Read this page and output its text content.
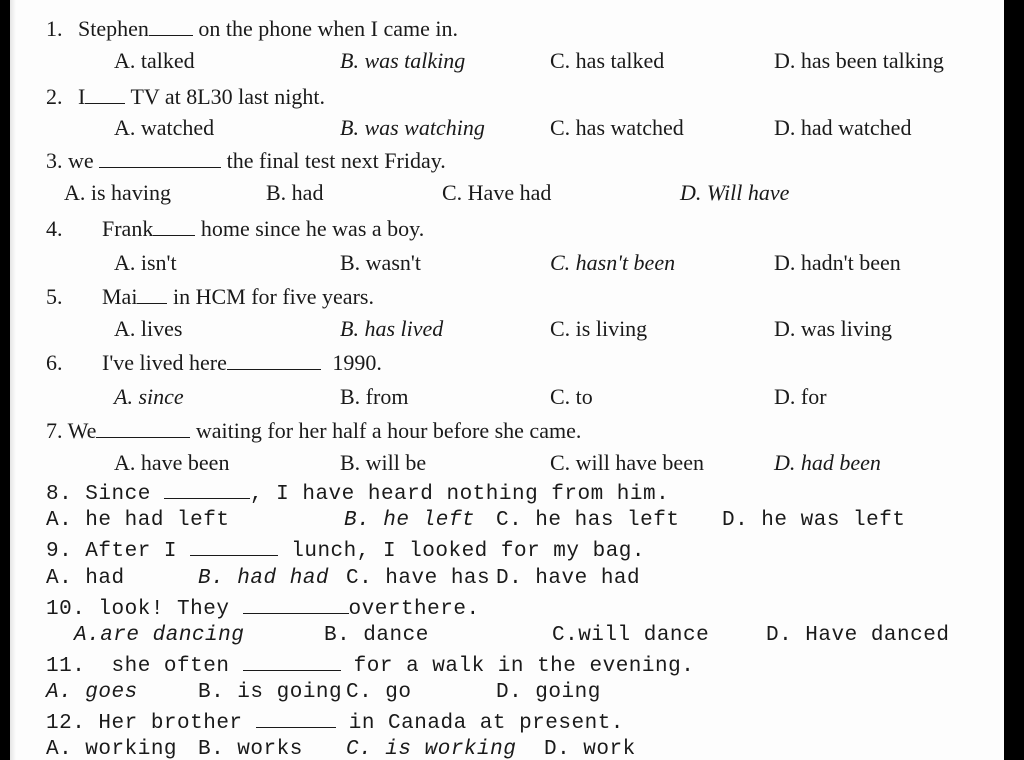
1. Stephen on the phone when I came in.
A. talked	B. was talking	C. has talked	D. has been talking
2. I TV at 8L30 last night.
A. watched	B. was watching	C. has watched	D. had watched
3. we	the final test next Friday.
A. is having	B. had	C. Have had	D. Will have
4. Frank home since he was a boy.
A. isn't	B. wasn't	C. hasn't been	D. hadn't been
5. Mai in HCM for five years.
A. lives	B. has lived	C. is living	D. was living
6. I've lived here	1990.
A. since	B. from	C. to	D. for
7. We	waiting for her half a hour before she came.
A. have been	B. will be	C. will have been	D. had been
8. Since	, I have heard nothing from him.
A. he had left	B. he left C. he has left D. he was left
9. After I	lunch, I looked for my bag.
A. had	B. had had C. have has D. have had
10. look! They	overthere.
A.are dancing	B. dance	C.will dance	D. Have danced
11.  she often	for a walk in the evening.
A. goes	B. is going C. go	D. going
12. Her brother	in Canada at present.
A. working B. works C. is working D. work
